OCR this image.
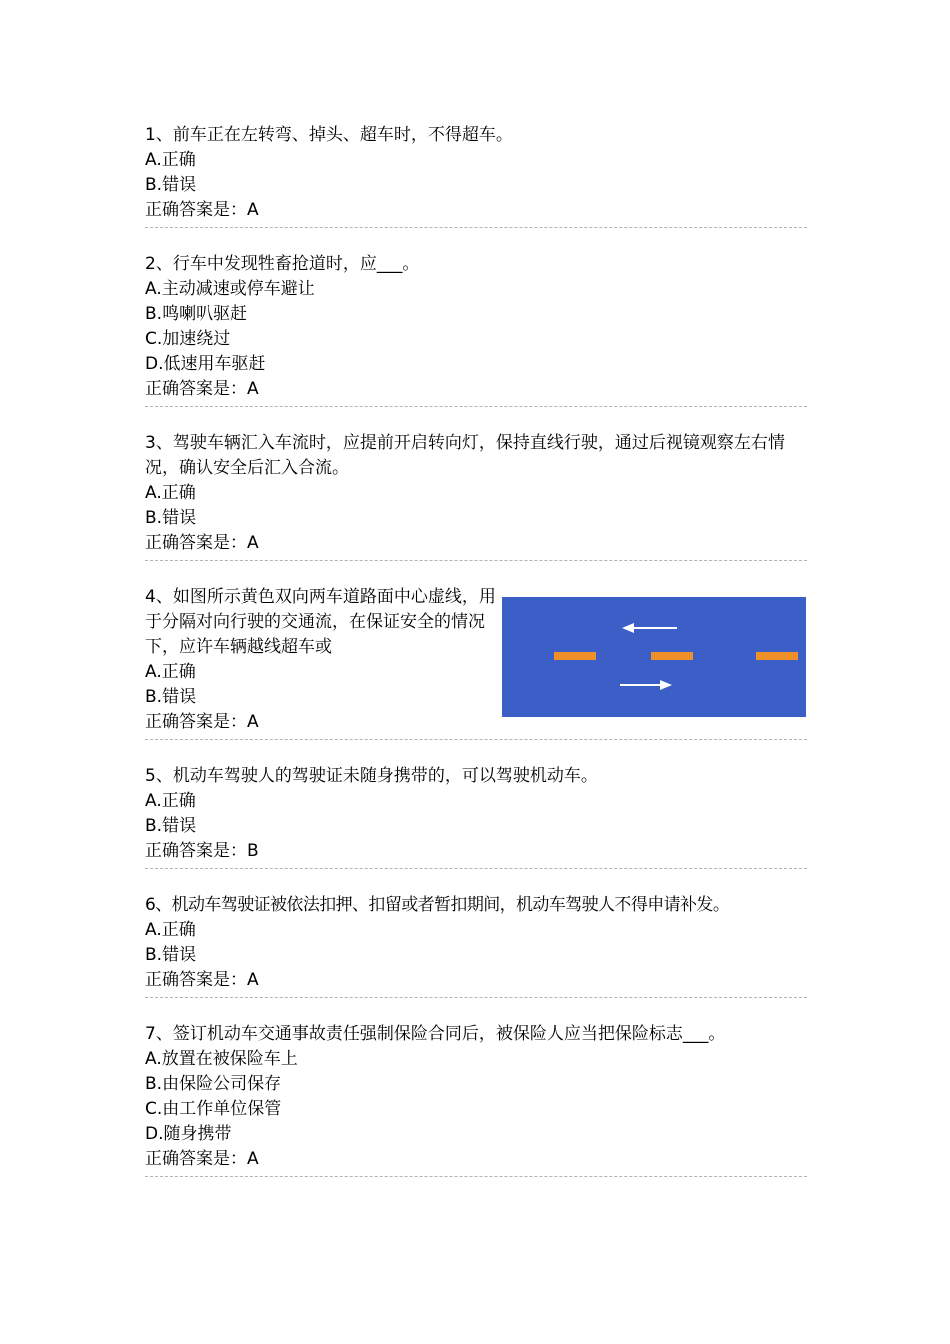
1、前车正在左转弯、掉头、超车时，不得超车。
A.正确
B.错误
正确答案是：A
2、行车中发现牲畜抢道时，应___。
A.主动减速或停车避让
B.鸣喇叭驱赶
C.加速绕过
D.低速用车驱赶
正确答案是：A
3、驾驶车辆汇入车流时，应提前开启转向灯，保持直线行驶，通过后视镜观察左右情况，确认安全后汇入合流。
A.正确
B.错误
正确答案是：A
4、如图所示黄色双向两车道路面中心虚线，用于分隔对向行驶的交通流，在保证安全的情况下，应许车辆越线超车或
A.正确
B.错误
正确答案是：A
5、机动车驾驶人的驾驶证未随身携带的，可以驾驶机动车。
A.正确
B.错误
正确答案是：B
6、机动车驾驶证被依法扣押、扣留或者暂扣期间，机动车驾驶人不得申请补发。
A.正确
B.错误
正确答案是：A
7、签订机动车交通事故责任强制保险合同后，被保险人应当把保险标志___。
A.放置在被保险车上
B.由保险公司保存
C.由工作单位保管
D.随身携带
正确答案是：A
